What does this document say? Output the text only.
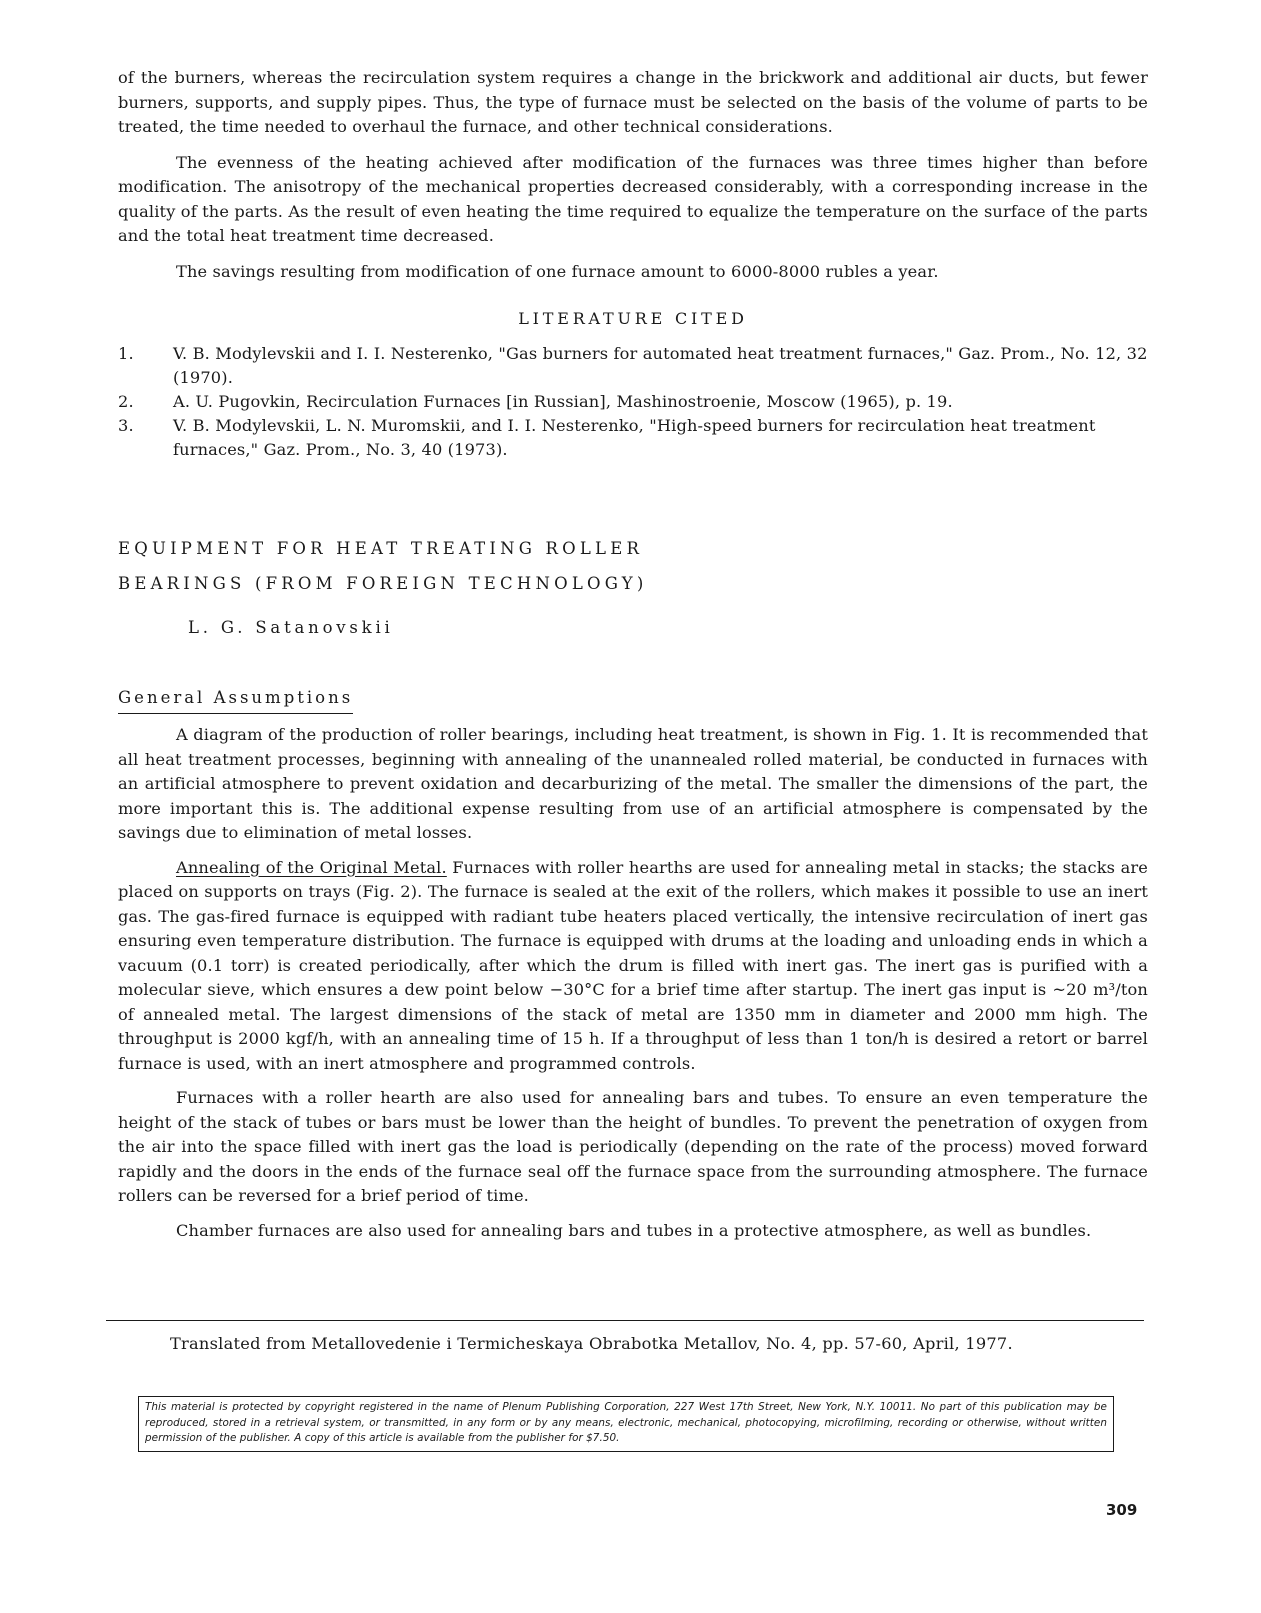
of the burners, whereas the recirculation system requires a change in the brickwork and additional air ducts, but fewer burners, supports, and supply pipes. Thus, the type of furnace must be selected on the basis of the volume of parts to be treated, the time needed to overhaul the furnace, and other technical considerations.

The evenness of the heating achieved after modification of the furnaces was three times higher than before modification. The anisotropy of the mechanical properties decreased considerably, with a corresponding increase in the quality of the parts. As the result of even heating the time required to equalize the temperature on the surface of the parts and the total heat treatment time decreased.

The savings resulting from modification of one furnace amount to 6000-8000 rubles a year.

LITERATURE CITED
1.	V. B. Modylevskii and I. I. Nesterenko, "Gas burners for automated heat treatment furnaces," Gaz. Prom., No. 12, 32 (1970).
2.	A. U. Pugovkin, Recirculation Furnaces [in Russian], Mashinostroenie, Moscow (1965), p. 19.
3.	V. B. Modylevskii, L. N. Muromskii, and I. I. Nesterenko, "High-speed burners for recirculation heat treatment furnaces," Gaz. Prom., No. 3, 40 (1973).
EQUIPMENT FOR HEAT TREATING ROLLER
BEARINGS (FROM FOREIGN TECHNOLOGY)
L. G. Satanovskii
General Assumptions

A diagram of the production of roller bearings, including heat treatment, is shown in Fig. 1. It is recommended that all heat treatment processes, beginning with annealing of the unannealed rolled material, be conducted in furnaces with an artificial atmosphere to prevent oxidation and decarburizing of the metal. The smaller the dimensions of the part, the more important this is. The additional expense resulting from use of an artificial atmosphere is compensated by the savings due to elimination of metal losses.

Annealing of the Original Metal. Furnaces with roller hearths are used for annealing metal in stacks; the stacks are placed on supports on trays (Fig. 2). The furnace is sealed at the exit of the rollers, which makes it possible to use an inert gas. The gas-fired furnace is equipped with radiant tube heaters placed vertically, the intensive recirculation of inert gas ensuring even temperature distribution. The furnace is equipped with drums at the loading and unloading ends in which a vacuum (0.1 torr) is created periodically, after which the drum is filled with inert gas. The inert gas is purified with a molecular sieve, which ensures a dew point below −30°C for a brief time after startup. The inert gas input is ~20 m³/ton of annealed metal. The largest dimensions of the stack of metal are 1350 mm in diameter and 2000 mm high. The throughput is 2000 kgf/h, with an annealing time of 15 h. If a throughput of less than 1 ton/h is desired a retort or barrel furnace is used, with an inert atmosphere and programmed controls.

Furnaces with a roller hearth are also used for annealing bars and tubes. To ensure an even temperature the height of the stack of tubes or bars must be lower than the height of bundles. To prevent the penetration of oxygen from the air into the space filled with inert gas the load is periodically (depending on the rate of the process) moved forward rapidly and the doors in the ends of the furnace seal off the furnace space from the surrounding atmosphere. The furnace rollers can be reversed for a brief period of time.

Chamber furnaces are also used for annealing bars and tubes in a protective atmosphere, as well as bundles.

Translated from Metallovedenie i Termicheskaya Obrabotka Metallov, No. 4, pp. 57-60, April, 1977.
This material is protected by copyright registered in the name of Plenum Publishing Corporation, 227 West 17th Street, New York, N.Y. 10011. No part of this publication may be reproduced, stored in a retrieval system, or transmitted, in any form or by any means, electronic, mechanical, photocopying, microfilming, recording or otherwise, without written permission of the publisher. A copy of this article is available from the publisher for $7.50.
309
